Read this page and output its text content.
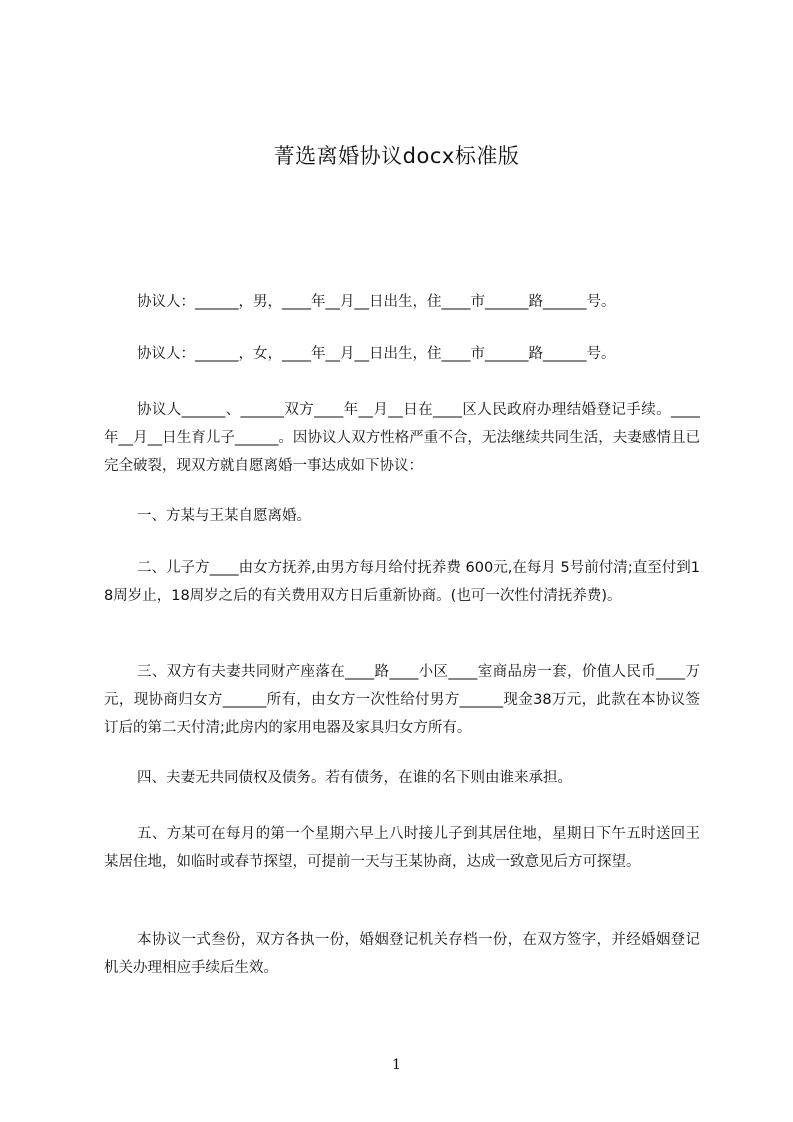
菁选离婚协议docx标准版
协议人：______，男，____年__月__日出生，住____市______路______号。
协议人：______，女，____年__月__日出生，住____市______路______号。
协议人______、______双方____年__月__日在____区人民政府办理结婚登记手续。____年__月__日生育儿子______。因协议人双方性格严重不合，无法继续共同生活，夫妻感情且已完全破裂，现双方就自愿离婚一事达成如下协议：
一、方某与王某自愿离婚。
二、儿子方____由女方抚养,由男方每月给付抚养费 600元,在每月 5号前付清;直至付到18周岁止，18周岁之后的有关费用双方日后重新协商。(也可一次性付清抚养费)。
三、双方有夫妻共同财产座落在____路____小区____室商品房一套，价值人民币____万元，现协商归女方______所有，由女方一次性给付男方______现金38万元，此款在本协议签订后的第二天付清;此房内的家用电器及家具归女方所有。
四、夫妻无共同债权及债务。若有债务，在谁的名下则由谁来承担。
五、方某可在每月的第一个星期六早上八时接儿子到其居住地，星期日下午五时送回王某居住地，如临时或春节探望，可提前一天与王某协商，达成一致意见后方可探望。
本协议一式叁份，双方各执一份，婚姻登记机关存档一份，在双方签字，并经婚姻登记机关办理相应手续后生效。
1
